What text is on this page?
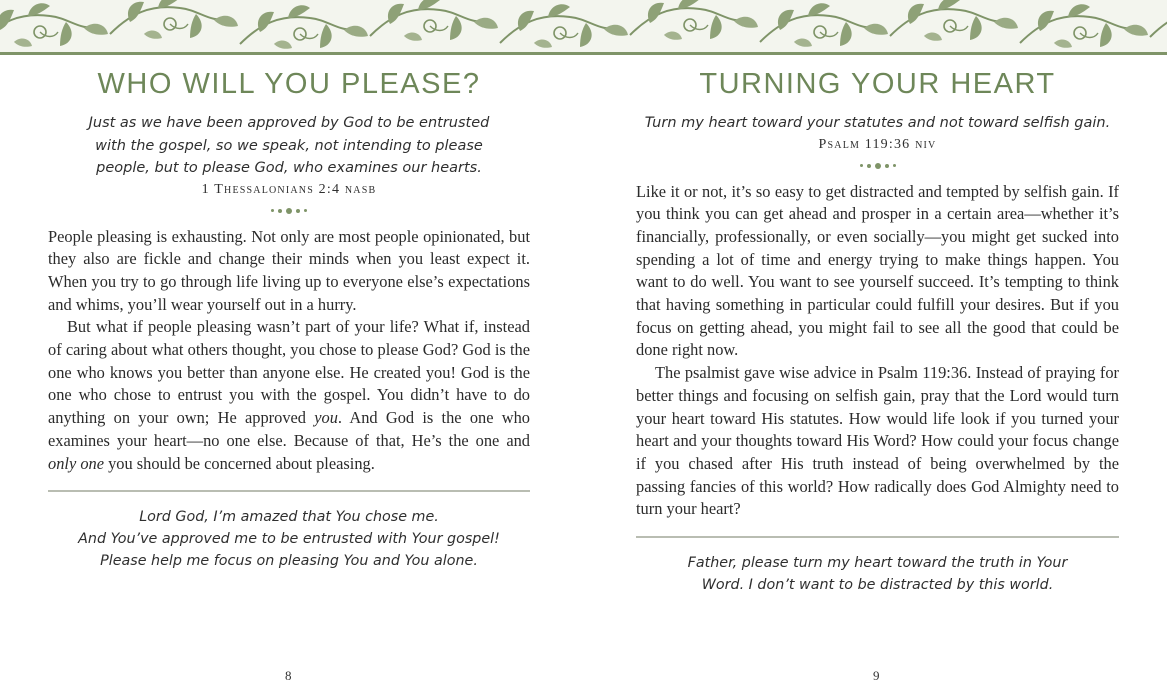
WHO WILL YOU PLEASE?
Just as we have been approved by God to be entrusted
with the gospel, so we speak, not intending to please
people, but to please God, who examines our hearts.
1 Thessalonians 2:4 nasb

People pleasing is exhausting. Not only are most people opinionated, but they also are fickle and change their minds when you least expect it. When you try to go through life living up to everyone else’s expectations and whims, you’ll wear yourself out in a hurry.

But what if people pleasing wasn’t part of your life? What if, instead of caring about what others thought, you chose to please God? God is the one who knows you better than anyone else. He created you! God is the one who chose to entrust you with the gospel. You didn’t have to do anything on your own; He approved you. And God is the one who examines your heart—no one else. Because of that, He’s the one and only one you should be concerned about pleasing.

Lord God, I’m amazed that You chose me.
And You’ve approved me to be entrusted with Your gospel!
Please help me focus on pleasing You and You alone.
8
TURNING YOUR HEART
Turn my heart toward your statutes and not toward selfish gain.
Psalm 119:36 niv

Like it or not, it’s so easy to get distracted and tempted by selfish gain. If you think you can get ahead and prosper in a certain area—whether it’s financially, professionally, or even socially—you might get sucked into spending a lot of time and energy trying to make things happen. You want to do well. You want to see yourself succeed. It’s tempting to think that having something in particular could fulfill your desires. But if you focus on getting ahead, you might fail to see all the good that could be done right now.

The psalmist gave wise advice in Psalm 119:36. Instead of praying for better things and focusing on selfish gain, pray that the Lord would turn your heart toward His statutes. How would life look if you turned your heart and your thoughts toward His Word? How could your focus change if you chased after His truth instead of being overwhelmed by the passing fancies of this world? How radically does God Almighty need to turn your heart?

Father, please turn my heart toward the truth in Your
Word. I don’t want to be distracted by this world.
9
